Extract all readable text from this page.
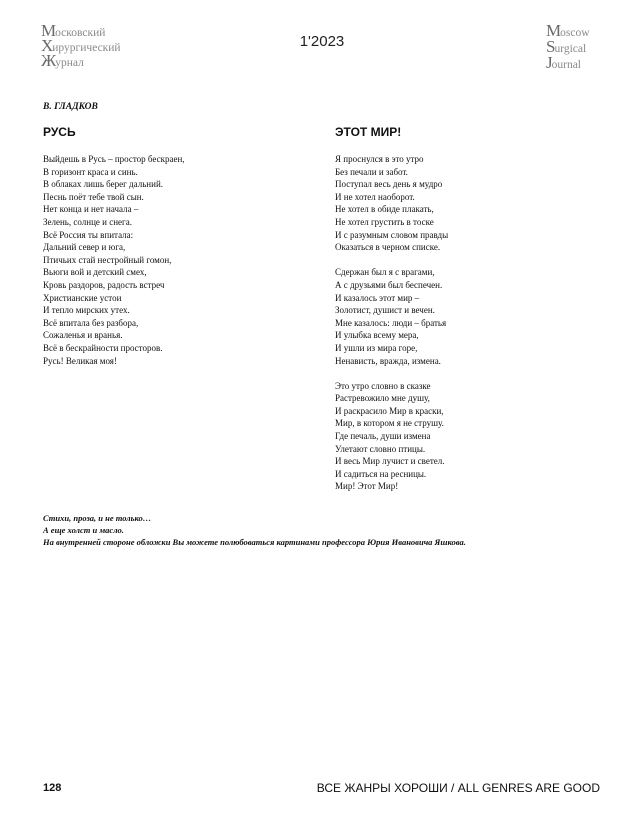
Московский
Хирургический
Журнал
1'2023
Moscow
Surgical
Journal
В. ГЛАДКОВ
РУСЬ	ЭТОТ МИР!
Выйдешь в Русь – простор бескраен,
В горизонт краса и синь.
В облаках лишь берег дальний.
Песнь поёт тебе твой сын.
Нет конца и нет начала –
Зелень, солнце и снега.
Всё Россия ты впитала:
Дальний север и юга,
Птичьих стай нестройный гомон,
Вьюги вой и детский смех,
Кровь раздоров, радость встреч
Христианские устои
И тепло мирских утех.
Всё впитала без разбора,
Сожаленья и вранья.
Всё в бескрайности просторов.
Русь! Великая моя!
Я проснулся в это утро
Без печали и забот.
Поступал весь день я мудро
И не хотел наоборот.
Не хотел в обиде плакать,
Не хотел грустить в тоске
И с разумным словом правды
Оказаться в черном списке.
Сдержан был я с врагами,
А с друзьями был беспечен.
И казалось этот мир –
Золотист, душист и вечен.
Мне казалось: люди – братья
И улыбка всему мера,
И ушли из мира горе,
Ненависть, вражда, измена.
Это утро словно в сказке
Растревожило мне душу,
И раскрасило Мир в краски,
Мир, в котором я не струшу.
Где печаль, души измена
Улетают словно птицы.
И весь Мир лучист и светел.
И садиться на ресницы.
Мир! Этот Мир!
Стихи, проза, и не только…
А еще холст и масло.
На внутренней стороне обложки Вы можете полюбоваться картинами профессора Юрия Ивановича Яшкова.
128	ВСЕ ЖАНРЫ ХОРОШИ / ALL GENRES ARE GOOD
